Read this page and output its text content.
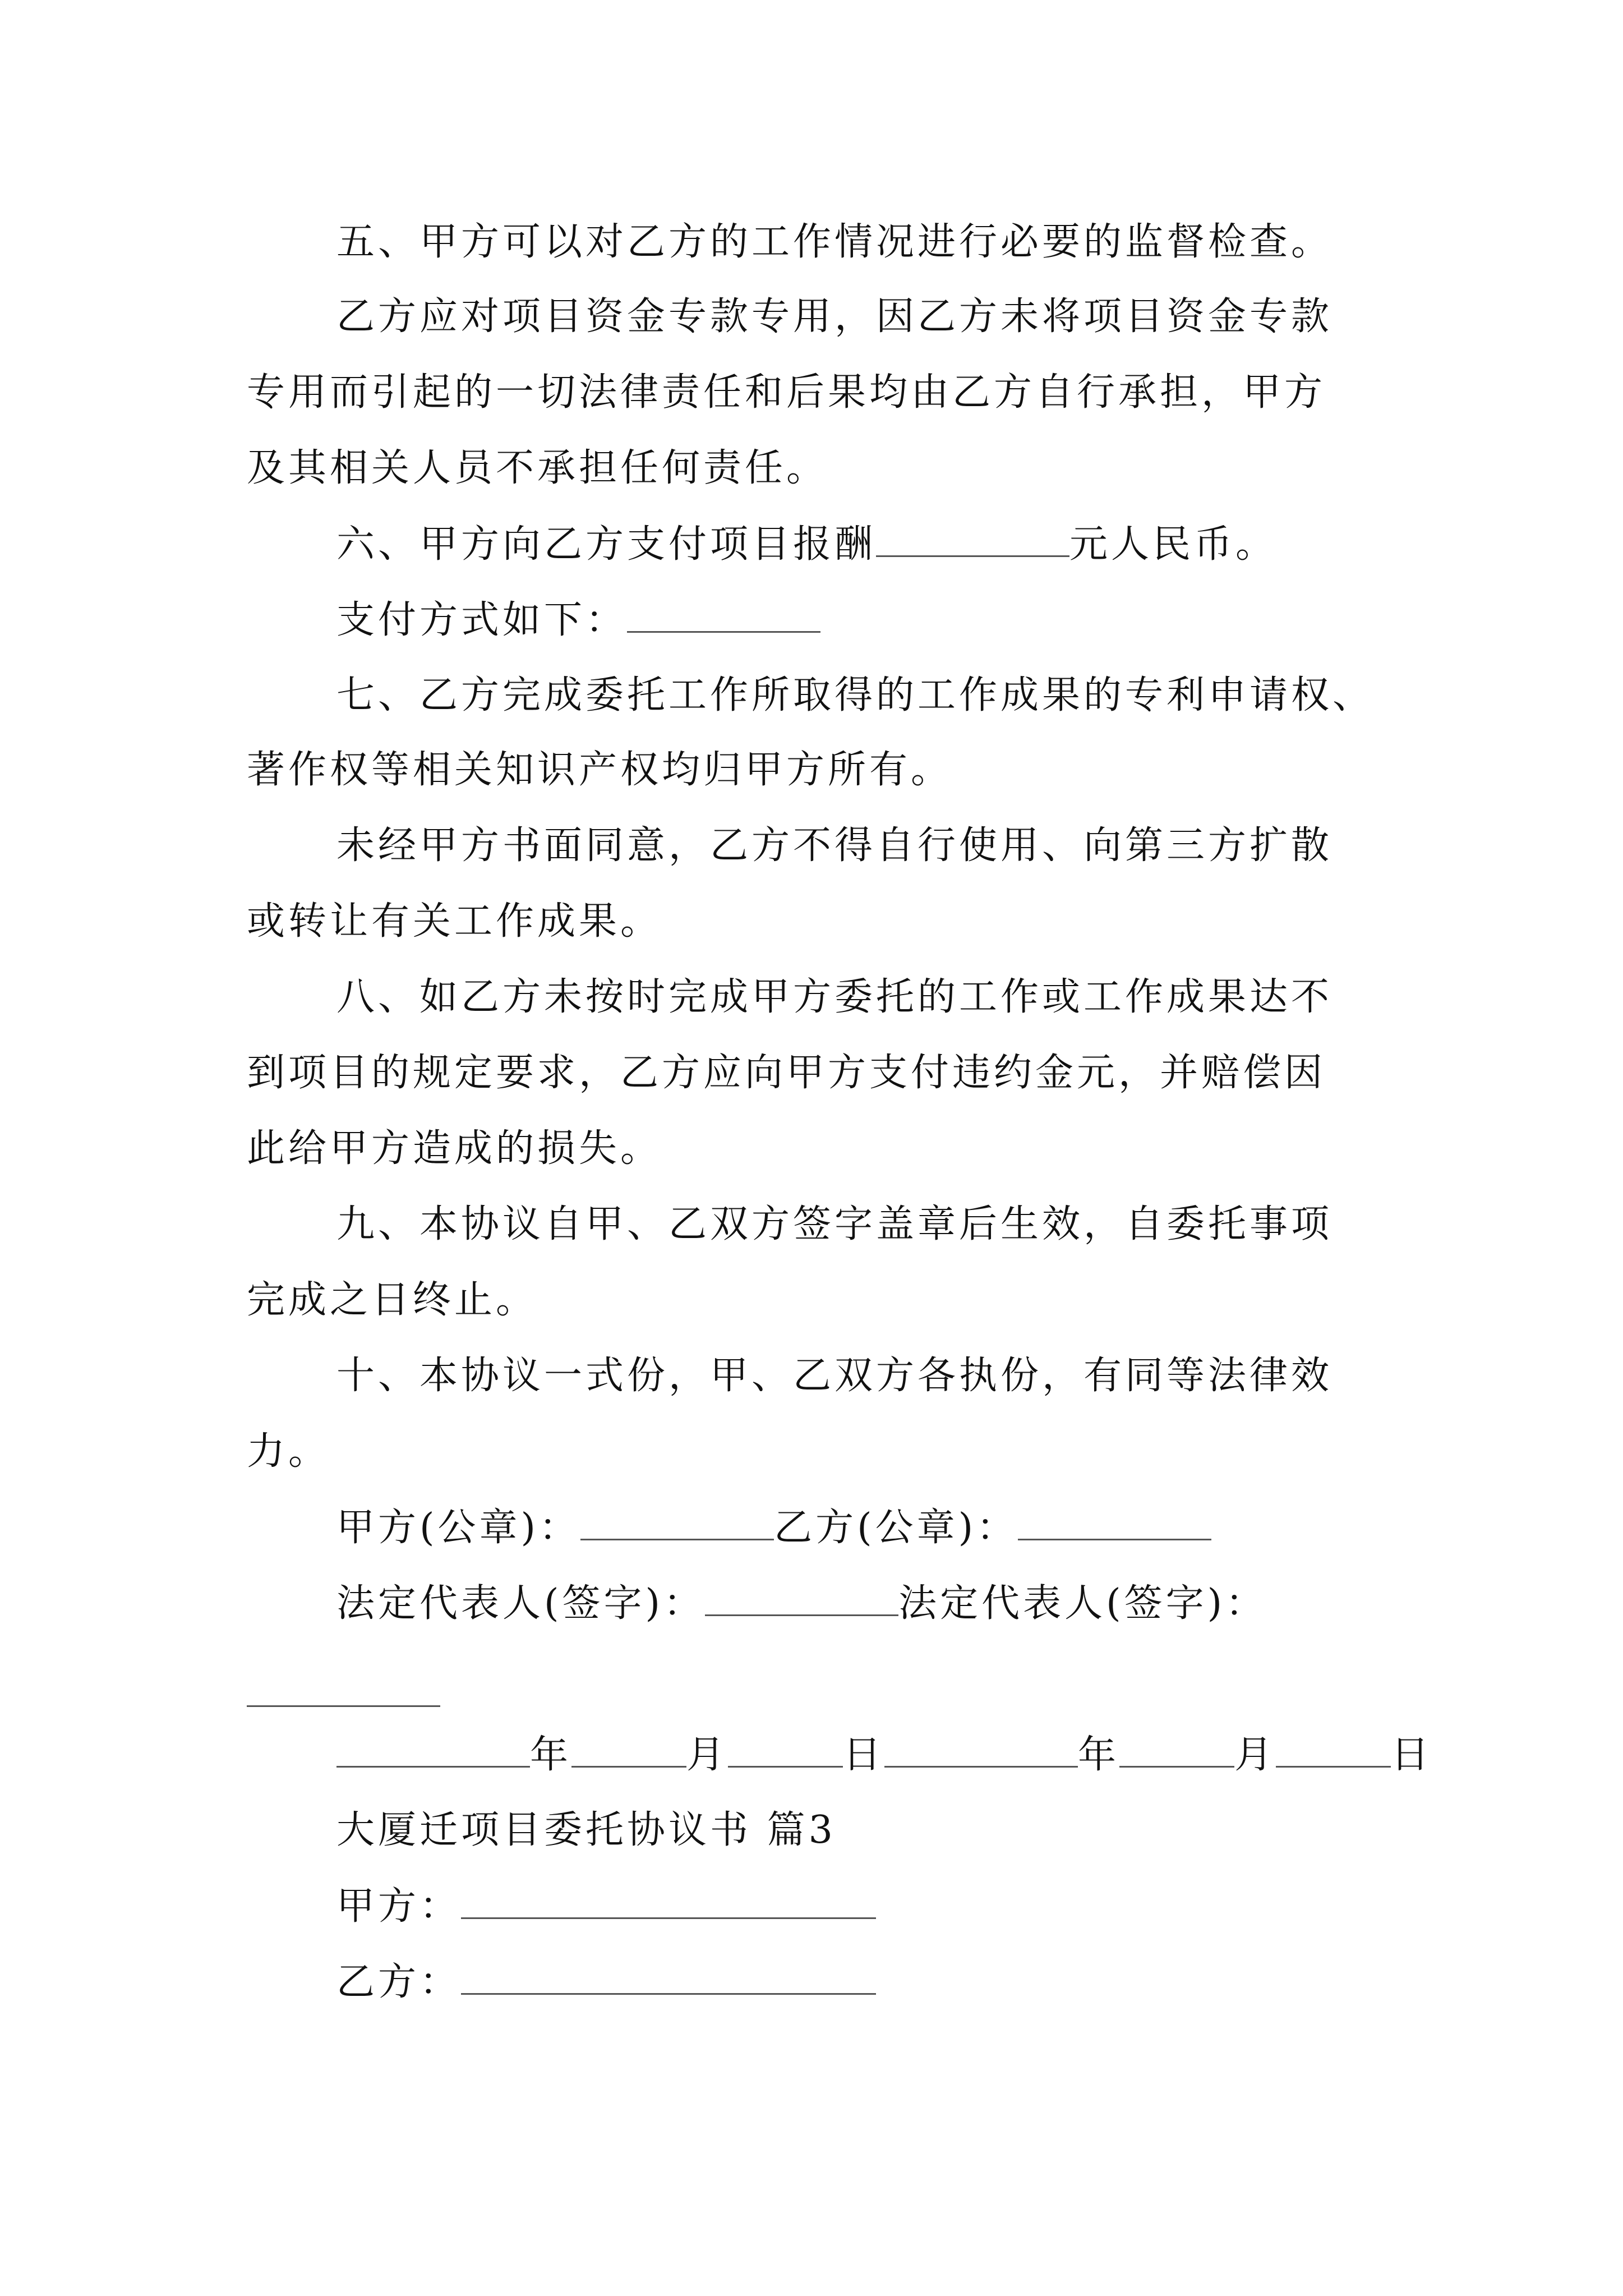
五、甲方可以对乙方的工作情况进行必要的监督检查。
乙方应对项目资金专款专用，因乙方未将项目资金专款
专用而引起的一切法律责任和后果均由乙方自行承担，甲方
及其相关人员不承担任何责任。
六、甲方向乙方支付项目报酬	元人民币。
支付方式如下：
七、乙方完成委托工作所取得的工作成果的专利申请权、
著作权等相关知识产权均归甲方所有。
未经甲方书面同意，乙方不得自行使用、向第三方扩散
或转让有关工作成果。
八、如乙方未按时完成甲方委托的工作或工作成果达不
到项目的规定要求，乙方应向甲方支付违约金元，并赔偿因
此给甲方造成的损失。
九、本协议自甲、乙双方签字盖章后生效，自委托事项
完成之日终止。
十、本协议一式份，甲、乙双方各执份，有同等法律效
力。
甲方(公章)：	乙方(公章)：
法定代表人(签字)：	法定代表人(签字)：
年	月	日	年	月	日
大厦迁项目委托协议书 篇3
甲方：
乙方：
